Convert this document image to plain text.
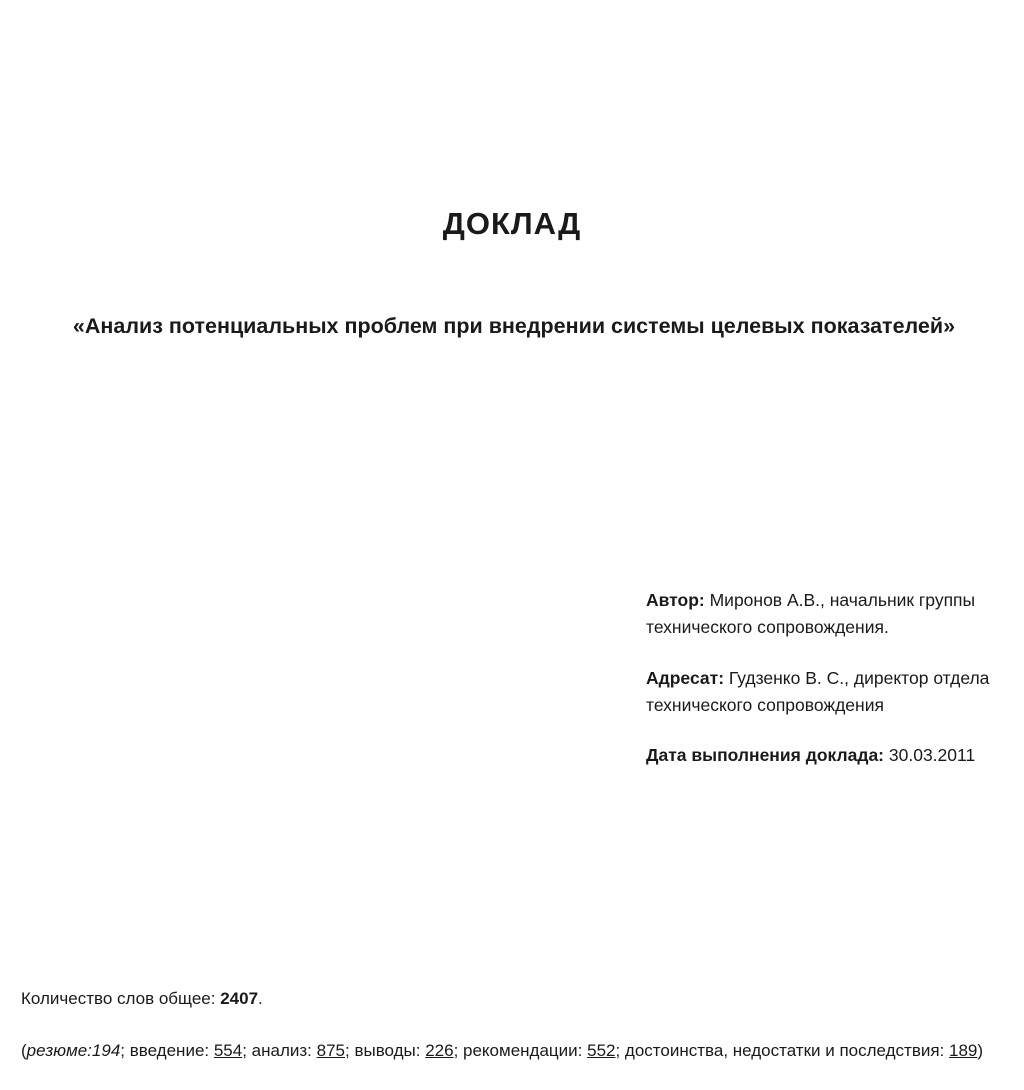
ДОКЛАД
«Анализ потенциальных проблем при внедрении системы целевых показателей»
Автор: Миронов А.В., начальник группы технического сопровождения.
Адресат: Гудзенко В. С., директор отдела технического сопровождения
Дата выполнения доклада: 30.03.2011
Количество слов общее: 2407.
(резюме:194; введение: 554; анализ: 875; выводы: 226; рекомендации: 552; достоинства, недостатки и последствия: 189)
